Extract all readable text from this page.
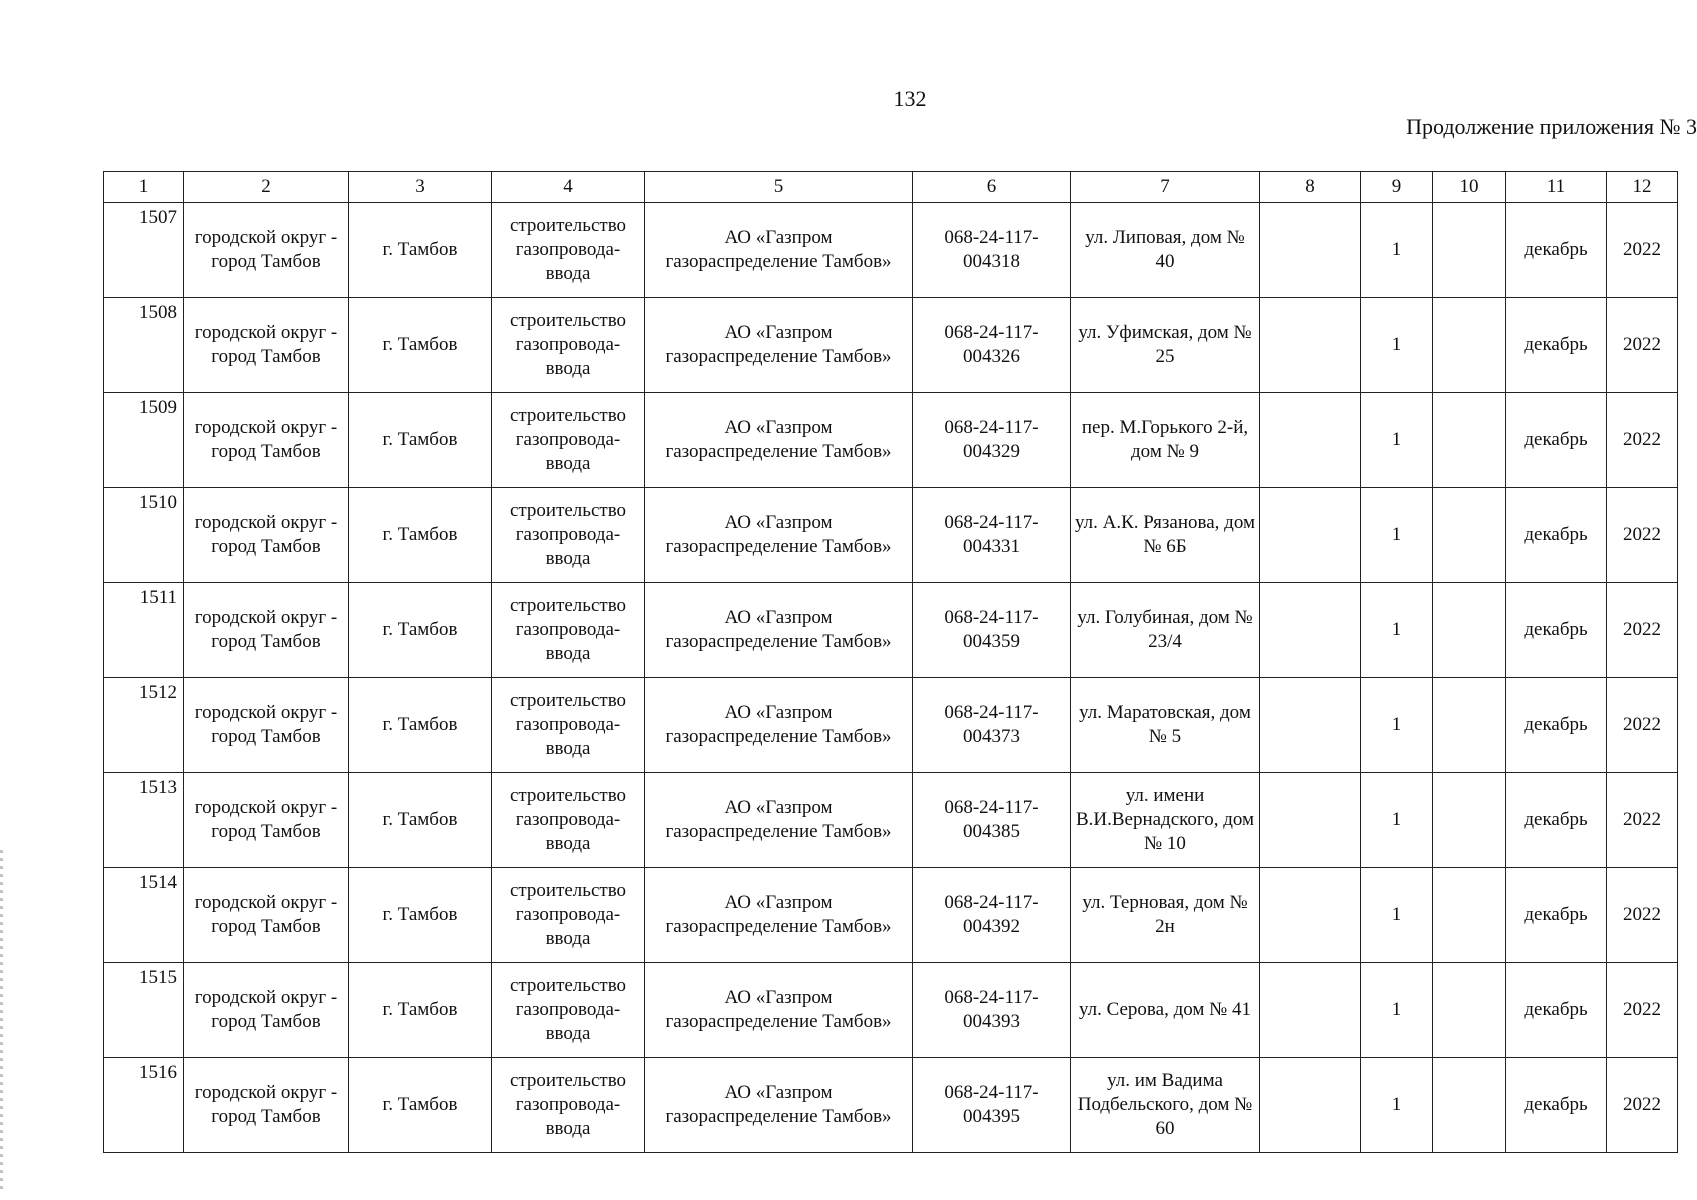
132
Продолжение приложения № 3
1	2	3	4	5	6	7	8	9	10	11	12
1507	городской округ - город Тамбов	г. Тамбов	строительство газопровода-ввода	АО «Газпром газораспределение Тамбов»	068-24-117-004318	ул. Липовая, дом № 40		1		декабрь	2022
1508	городской округ - город Тамбов	г. Тамбов	строительство газопровода-ввода	АО «Газпром газораспределение Тамбов»	068-24-117-004326	ул. Уфимская, дом № 25		1		декабрь	2022
1509	городской округ - город Тамбов	г. Тамбов	строительство газопровода-ввода	АО «Газпром газораспределение Тамбов»	068-24-117-004329	пер. М.Горького 2-й, дом № 9		1		декабрь	2022
1510	городской округ - город Тамбов	г. Тамбов	строительство газопровода-ввода	АО «Газпром газораспределение Тамбов»	068-24-117-004331	ул. А.К. Рязанова, дом № 6Б		1		декабрь	2022
1511	городской округ - город Тамбов	г. Тамбов	строительство газопровода-ввода	АО «Газпром газораспределение Тамбов»	068-24-117-004359	ул. Голубиная, дом № 23/4		1		декабрь	2022
1512	городской округ - город Тамбов	г. Тамбов	строительство газопровода-ввода	АО «Газпром газораспределение Тамбов»	068-24-117-004373	ул. Маратовская, дом № 5		1		декабрь	2022
1513	городской округ - город Тамбов	г. Тамбов	строительство газопровода-ввода	АО «Газпром газораспределение Тамбов»	068-24-117-004385	ул. имени В.И.Вернадского, дом № 10		1		декабрь	2022
1514	городской округ - город Тамбов	г. Тамбов	строительство газопровода-ввода	АО «Газпром газораспределение Тамбов»	068-24-117-004392	ул. Терновая, дом № 2н		1		декабрь	2022
1515	городской округ - город Тамбов	г. Тамбов	строительство газопровода-ввода	АО «Газпром газораспределение Тамбов»	068-24-117-004393	ул. Серова, дом № 41		1		декабрь	2022
1516	городской округ - город Тамбов	г. Тамбов	строительство газопровода-ввода	АО «Газпром газораспределение Тамбов»	068-24-117-004395	ул. им Вадима Подбельского, дом № 60		1		декабрь	2022
